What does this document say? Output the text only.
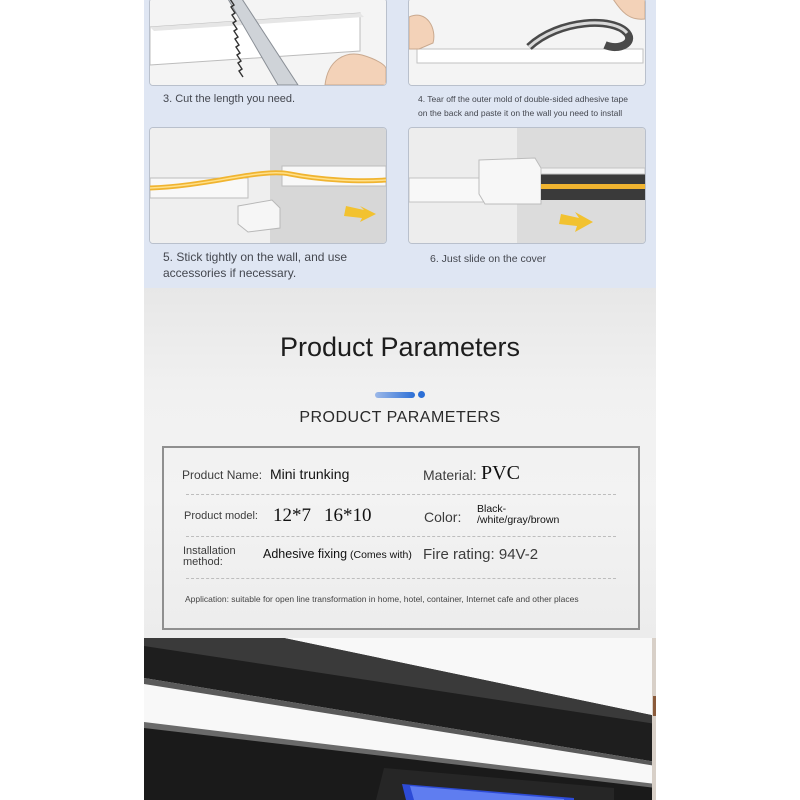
3. Cut the length you need.	4. Tear off the outer mold of double-sided adhesive tape on the back and paste it on the wall you need to install
5. Stick tightly on the wall, and use accessories if necessary.
6. Just slide on the cover
Product Parameters
PRODUCT PARAMETERS
Product Name: Mini trunking	Material: PVC
Product model: 12*7 16*10	Color: Black-
/white/gray/brown
Installation
method:
Adhesive fixing (Comes with) Fire rating: 94V-2
Application: suitable for open line transformation in home, hotel, container, Internet cafe and other places
